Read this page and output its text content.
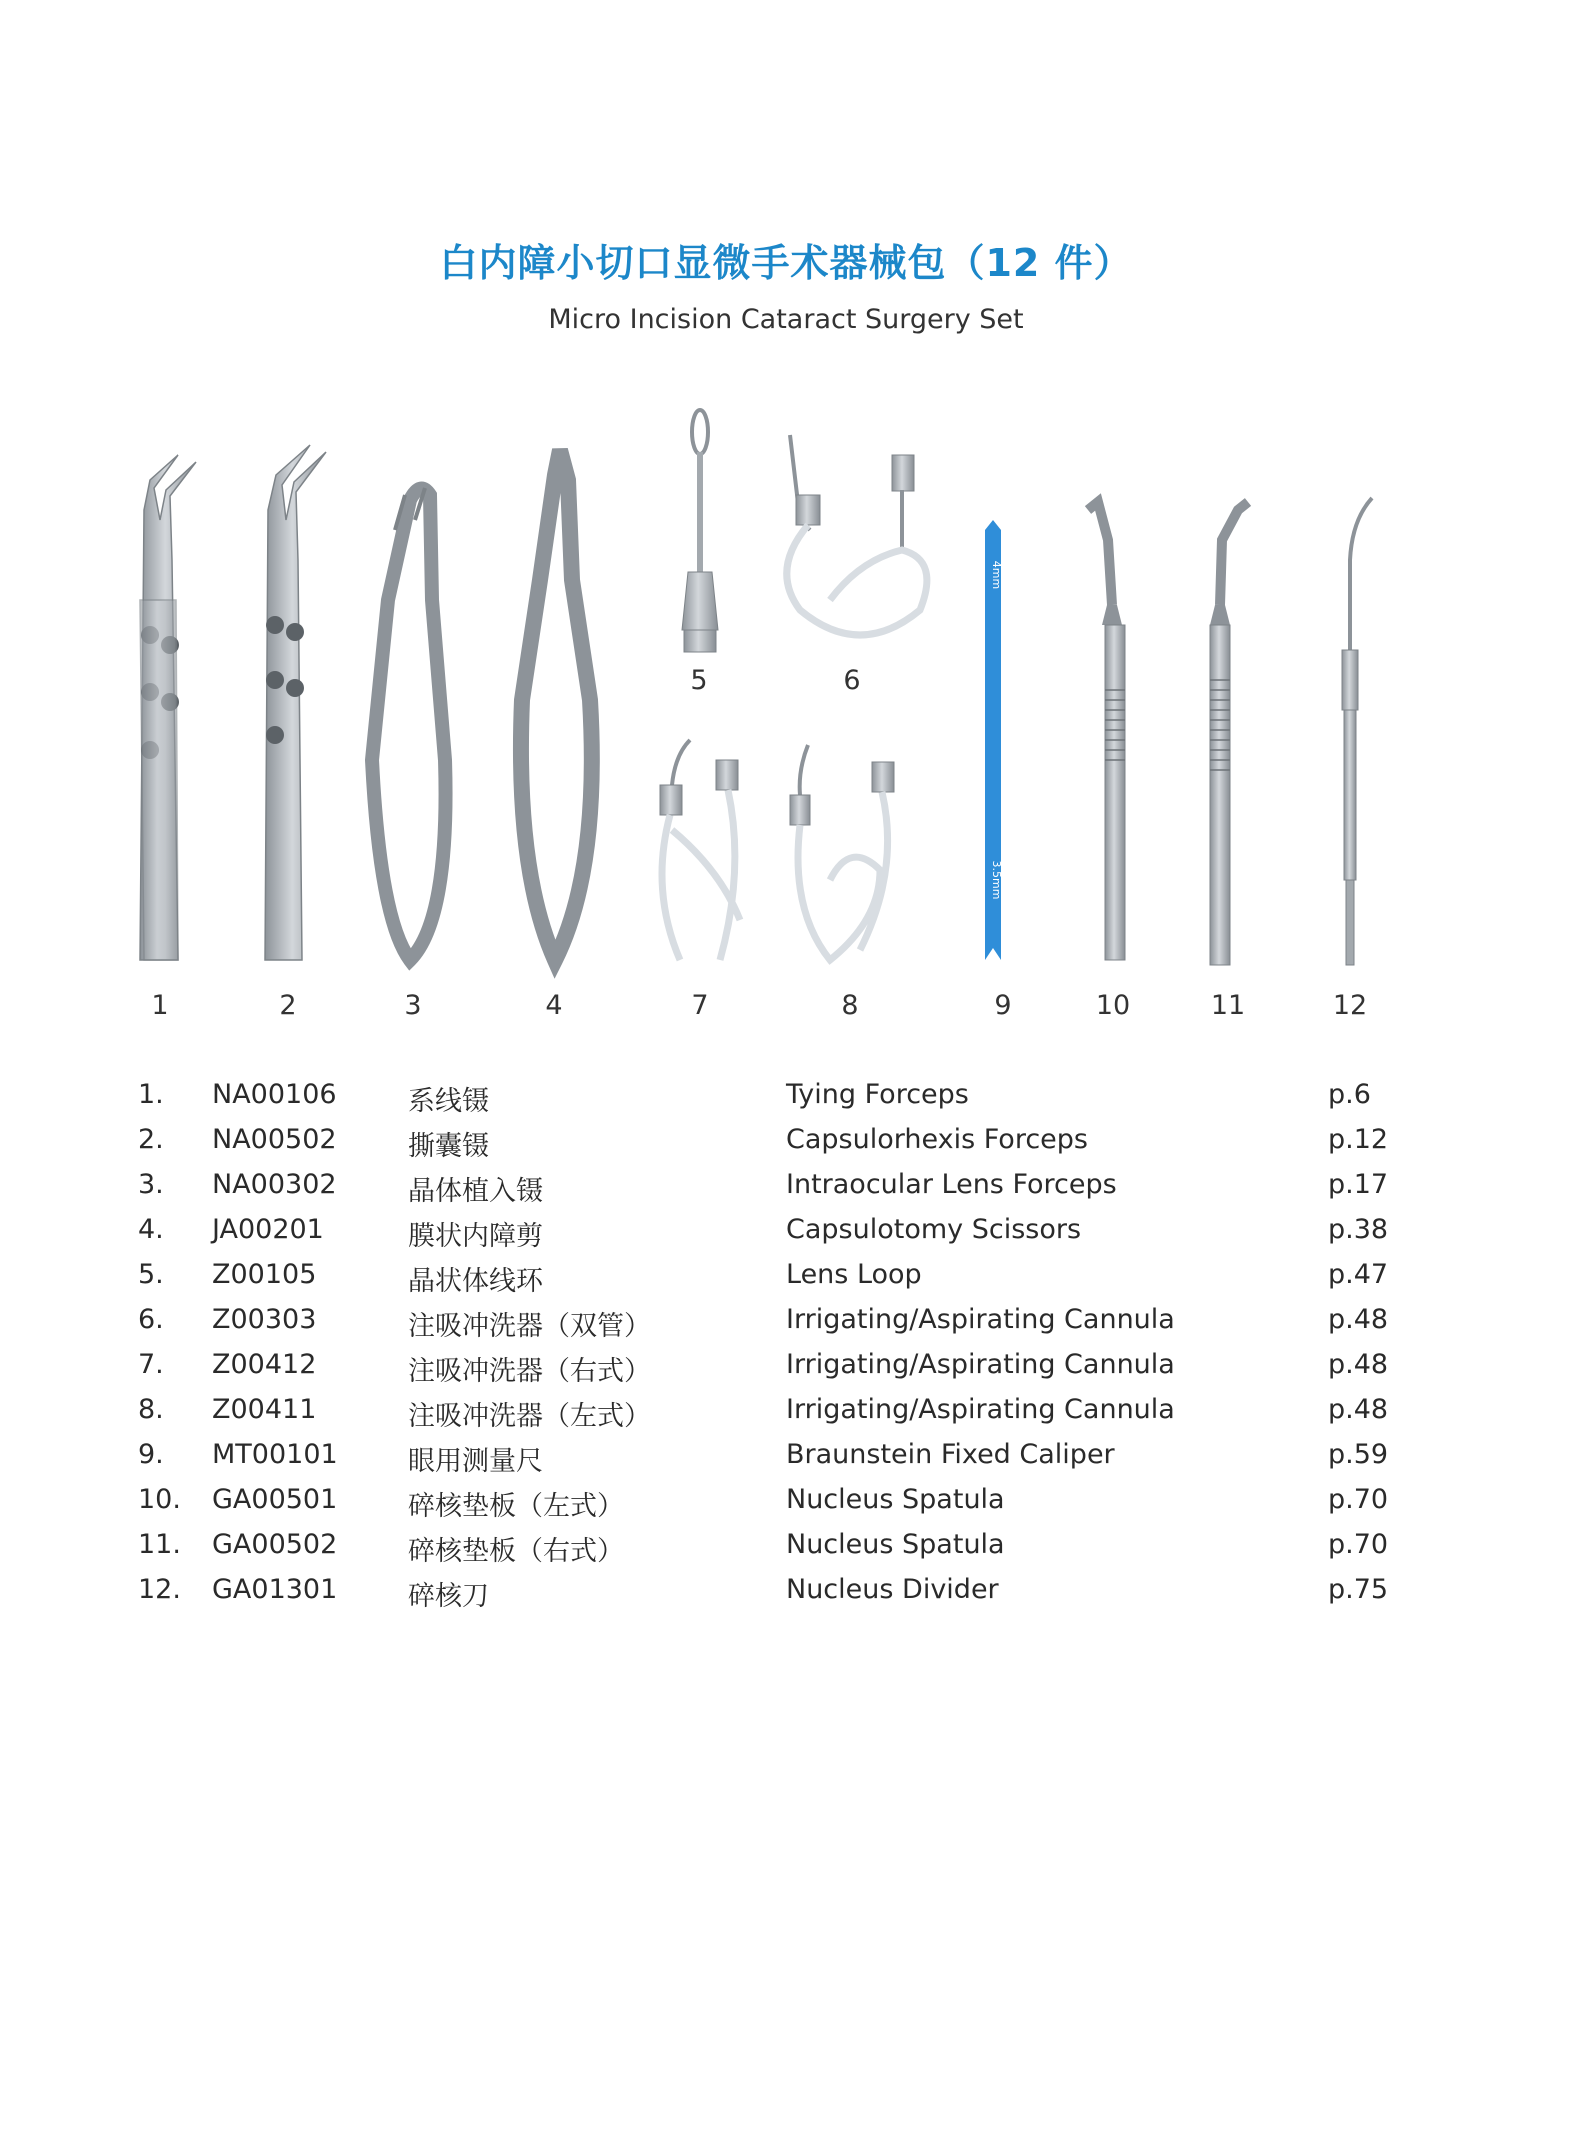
白内障小切口显微手术器械包（12 件）
Micro Incision Cataract Surgery Set
4mm
3.5mm
1	2	3	4
5	6
7	8	9	10	11	12
1. NA00106	系线镊	Tying Forceps	p.6
2. NA00502	撕囊镊	Capsulorhexis Forceps	p.12
3. NA00302	晶体植入镊	Intraocular Lens Forceps	p.17
4. JA00201	膜状内障剪	Capsulotomy Scissors	p.38
5. Z00105	晶状体线环	Lens Loop	p.47
6. Z00303	注吸冲洗器（双管）	Irrigating/Aspirating Cannula	p.48
7. Z00412	注吸冲洗器（右式）	Irrigating/Aspirating Cannula	p.48
8. Z00411	注吸冲洗器（左式）	Irrigating/Aspirating Cannula	p.48
9. MT00101	眼用测量尺	Braunstein Fixed Caliper	p.59
10. GA00501	碎核垫板（左式）	Nucleus Spatula	p.70
11. GA00502	碎核垫板（右式）	Nucleus Spatula	p.70
12. GA01301	碎核刀	Nucleus Divider	p.75
